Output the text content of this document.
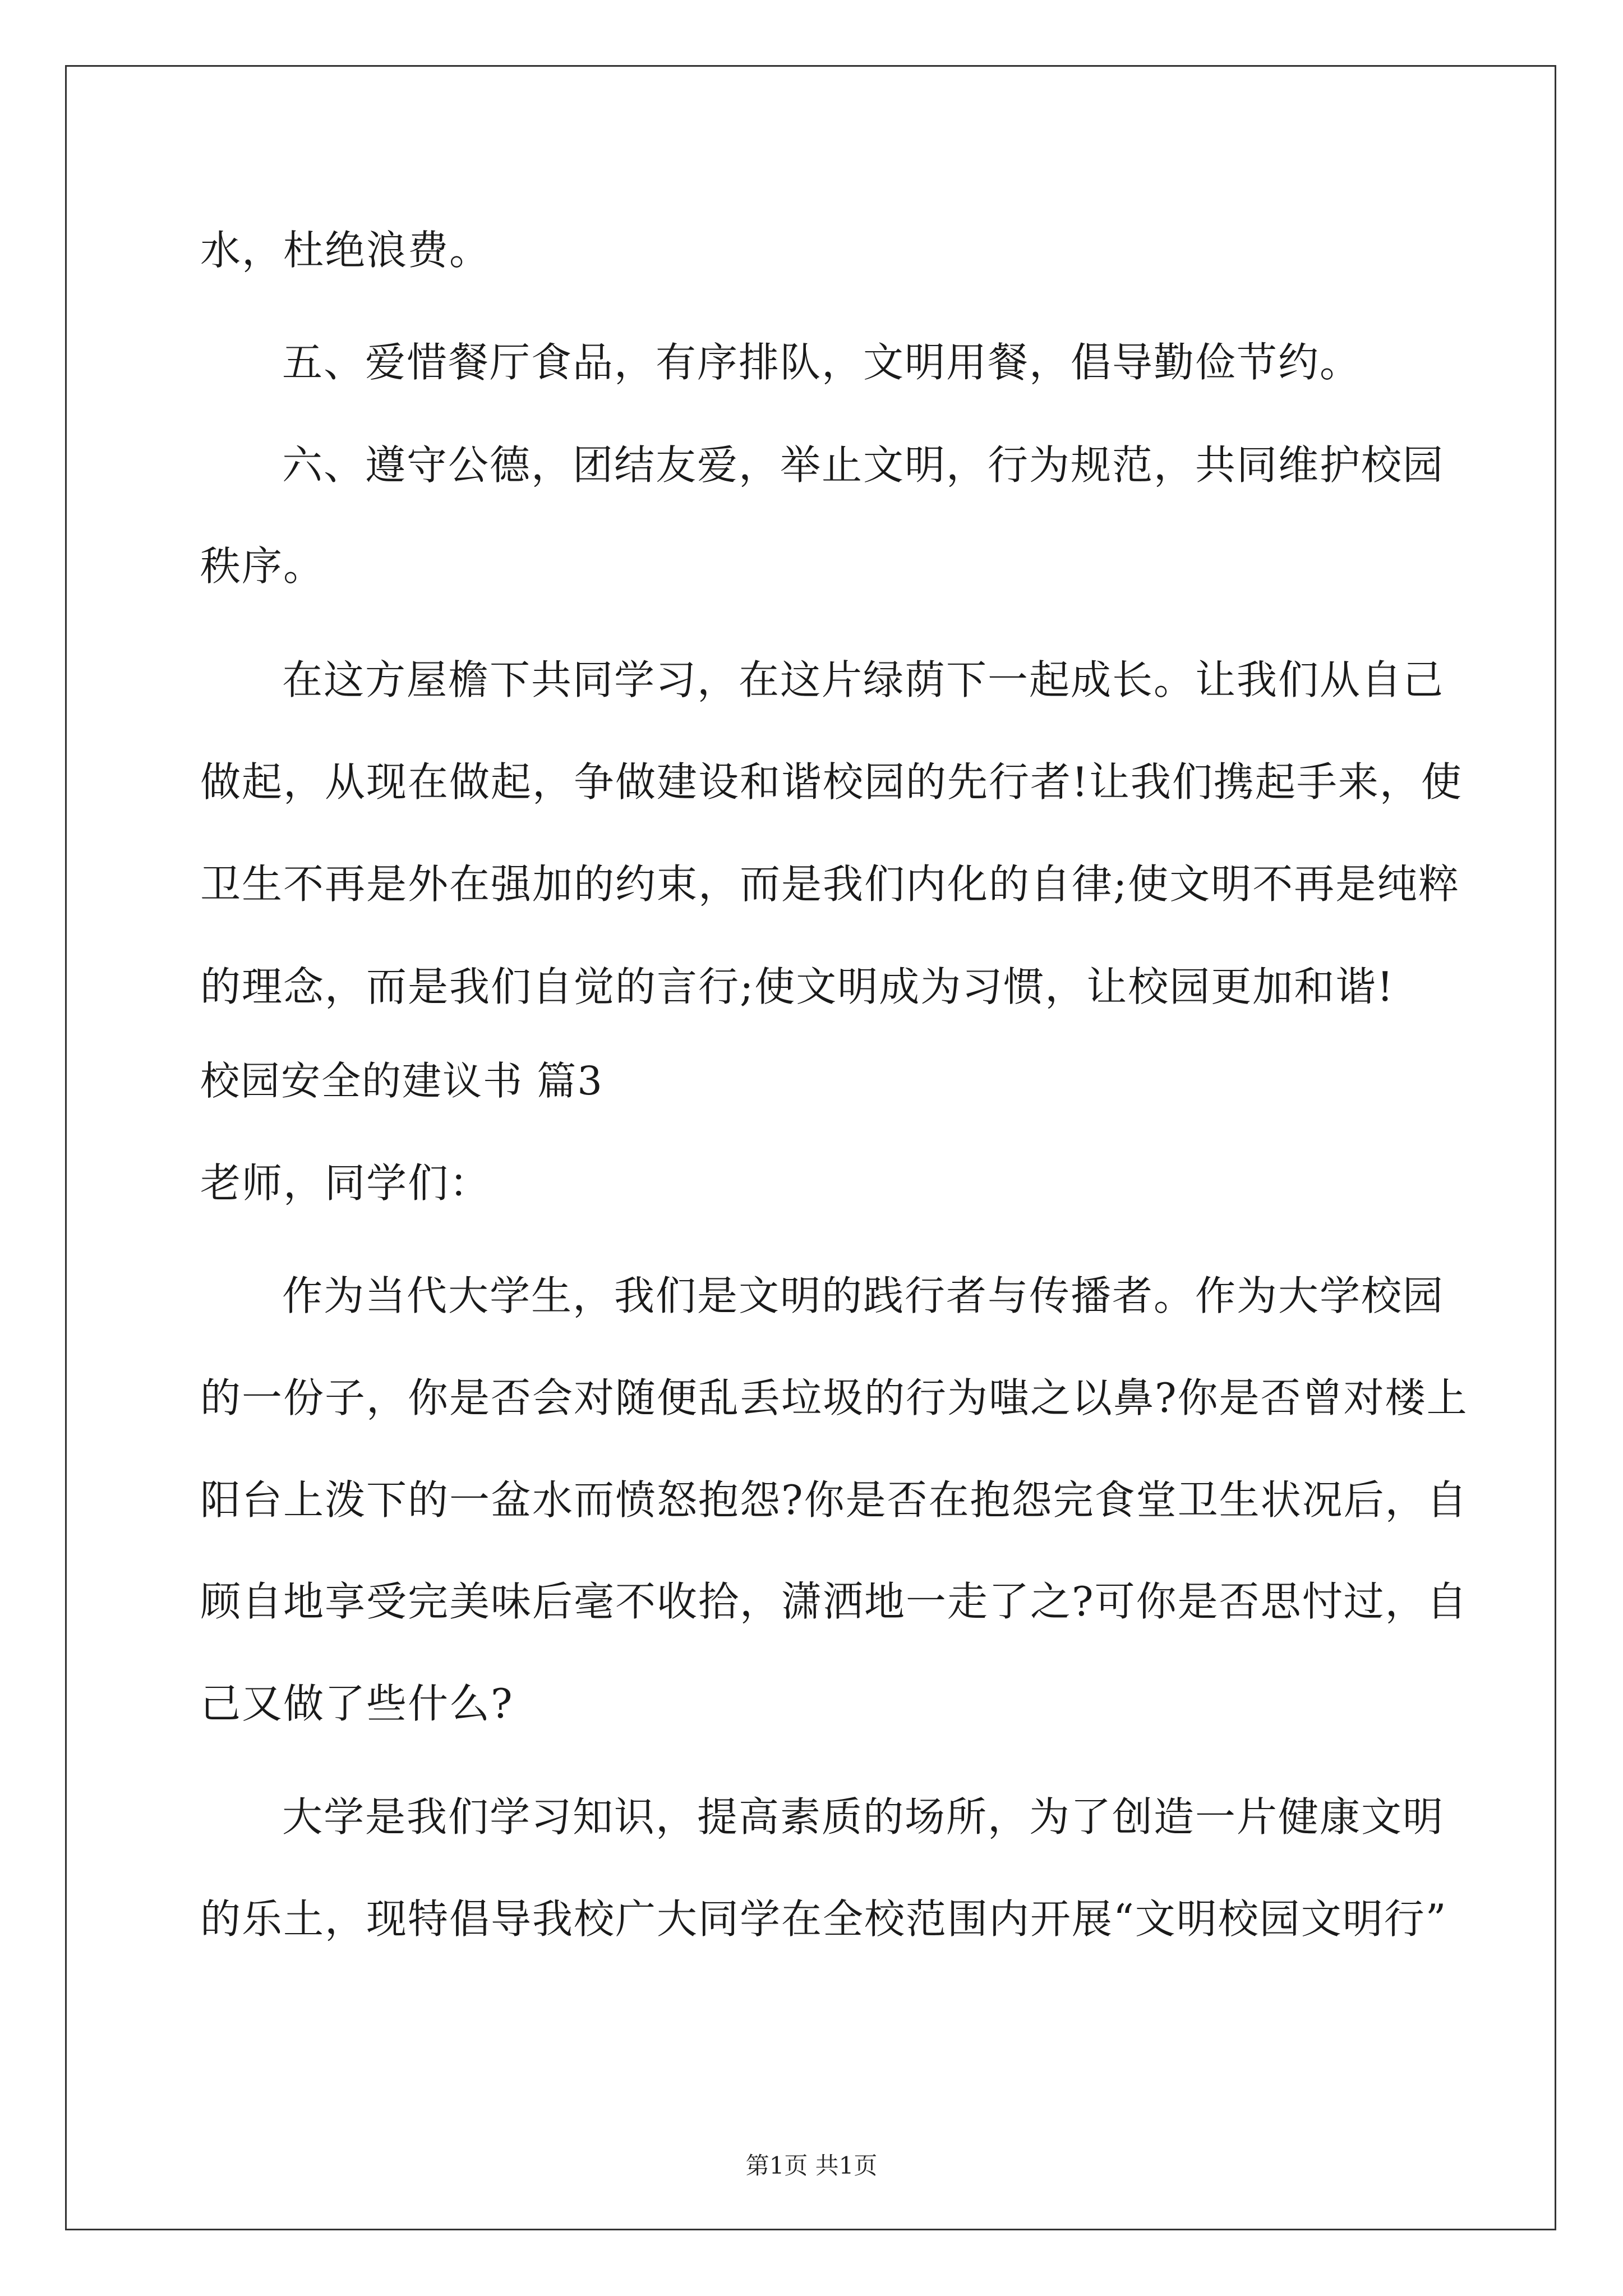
水，杜绝浪费。
五、爱惜餐厅食品，有序排队，文明用餐，倡导勤俭节约。
六、遵守公德，团结友爱，举止文明，行为规范，共同维护校园
秩序。
在这方屋檐下共同学习，在这片绿荫下一起成长。让我们从自己
做起，从现在做起，争做建设和谐校园的先行者!让我们携起手来，使
卫生不再是外在强加的约束，而是我们内化的自律;使文明不再是纯粹
的理念，而是我们自觉的言行;使文明成为习惯，让校园更加和谐!
校园安全的建议书 篇3
老师，同学们：
作为当代大学生，我们是文明的践行者与传播者。作为大学校园
的一份子，你是否会对随便乱丢垃圾的行为嗤之以鼻?你是否曾对楼上
阳台上泼下的一盆水而愤怒抱怨?你是否在抱怨完食堂卫生状况后，自
顾自地享受完美味后毫不收拾，潇洒地一走了之?可你是否思忖过，自
己又做了些什么?
大学是我们学习知识，提高素质的场所，为了创造一片健康文明
的乐土，现特倡导我校广大同学在全校范围内开展“文明校园文明行”
第1页 共1页
